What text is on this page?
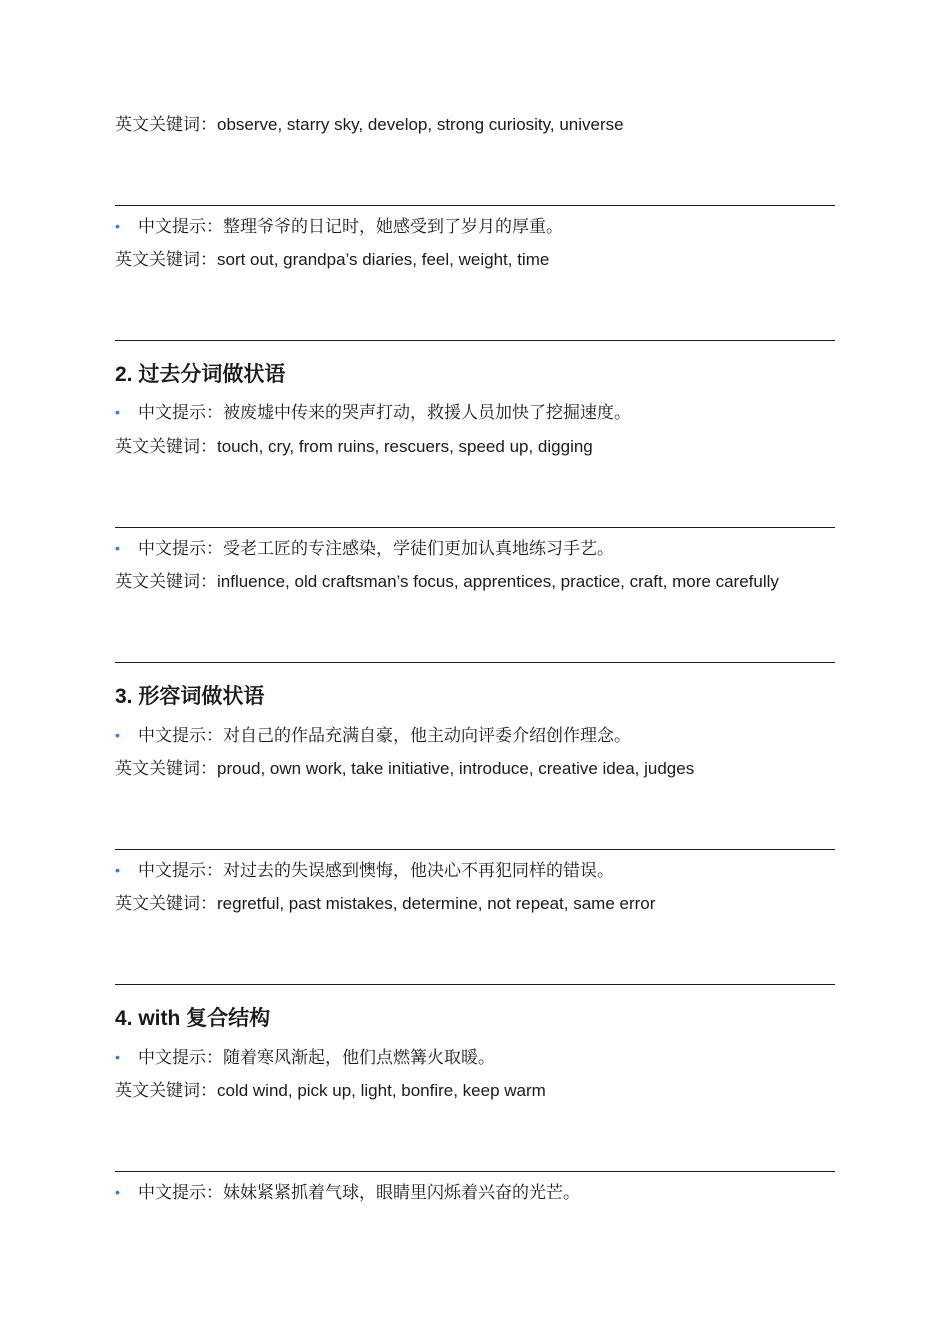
英文关键词：observe, starry sky, develop, strong curiosity, universe
• 中文提示：整理爷爷的日记时，她感受到了岁月的厚重。
英文关键词：sort out, grandpa’s diaries, feel, weight, time
2. 过去分词做状语
• 中文提示：被废墟中传来的哭声打动，救援人员加快了挖掘速度。
英文关键词：touch, cry, from ruins, rescuers, speed up, digging
• 中文提示：受老工匠的专注感染，学徒们更加认真地练习手艺。
英文关键词：influence, old craftsman’s focus, apprentices, practice, craft, more carefully
3. 形容词做状语
• 中文提示：对自己的作品充满自豪，他主动向评委介绍创作理念。
英文关键词：proud, own work, take initiative, introduce, creative idea, judges
• 中文提示：对过去的失误感到懊悔，他决心不再犯同样的错误。
英文关键词：regretful, past mistakes, determine, not repeat, same error
4. with 复合结构
• 中文提示：随着寒风渐起，他们点燃篝火取暖。
英文关键词：cold wind, pick up, light, bonfire, keep warm
• 中文提示：妹妹紧紧抓着气球，眼睛里闪烁着兴奋的光芒。
